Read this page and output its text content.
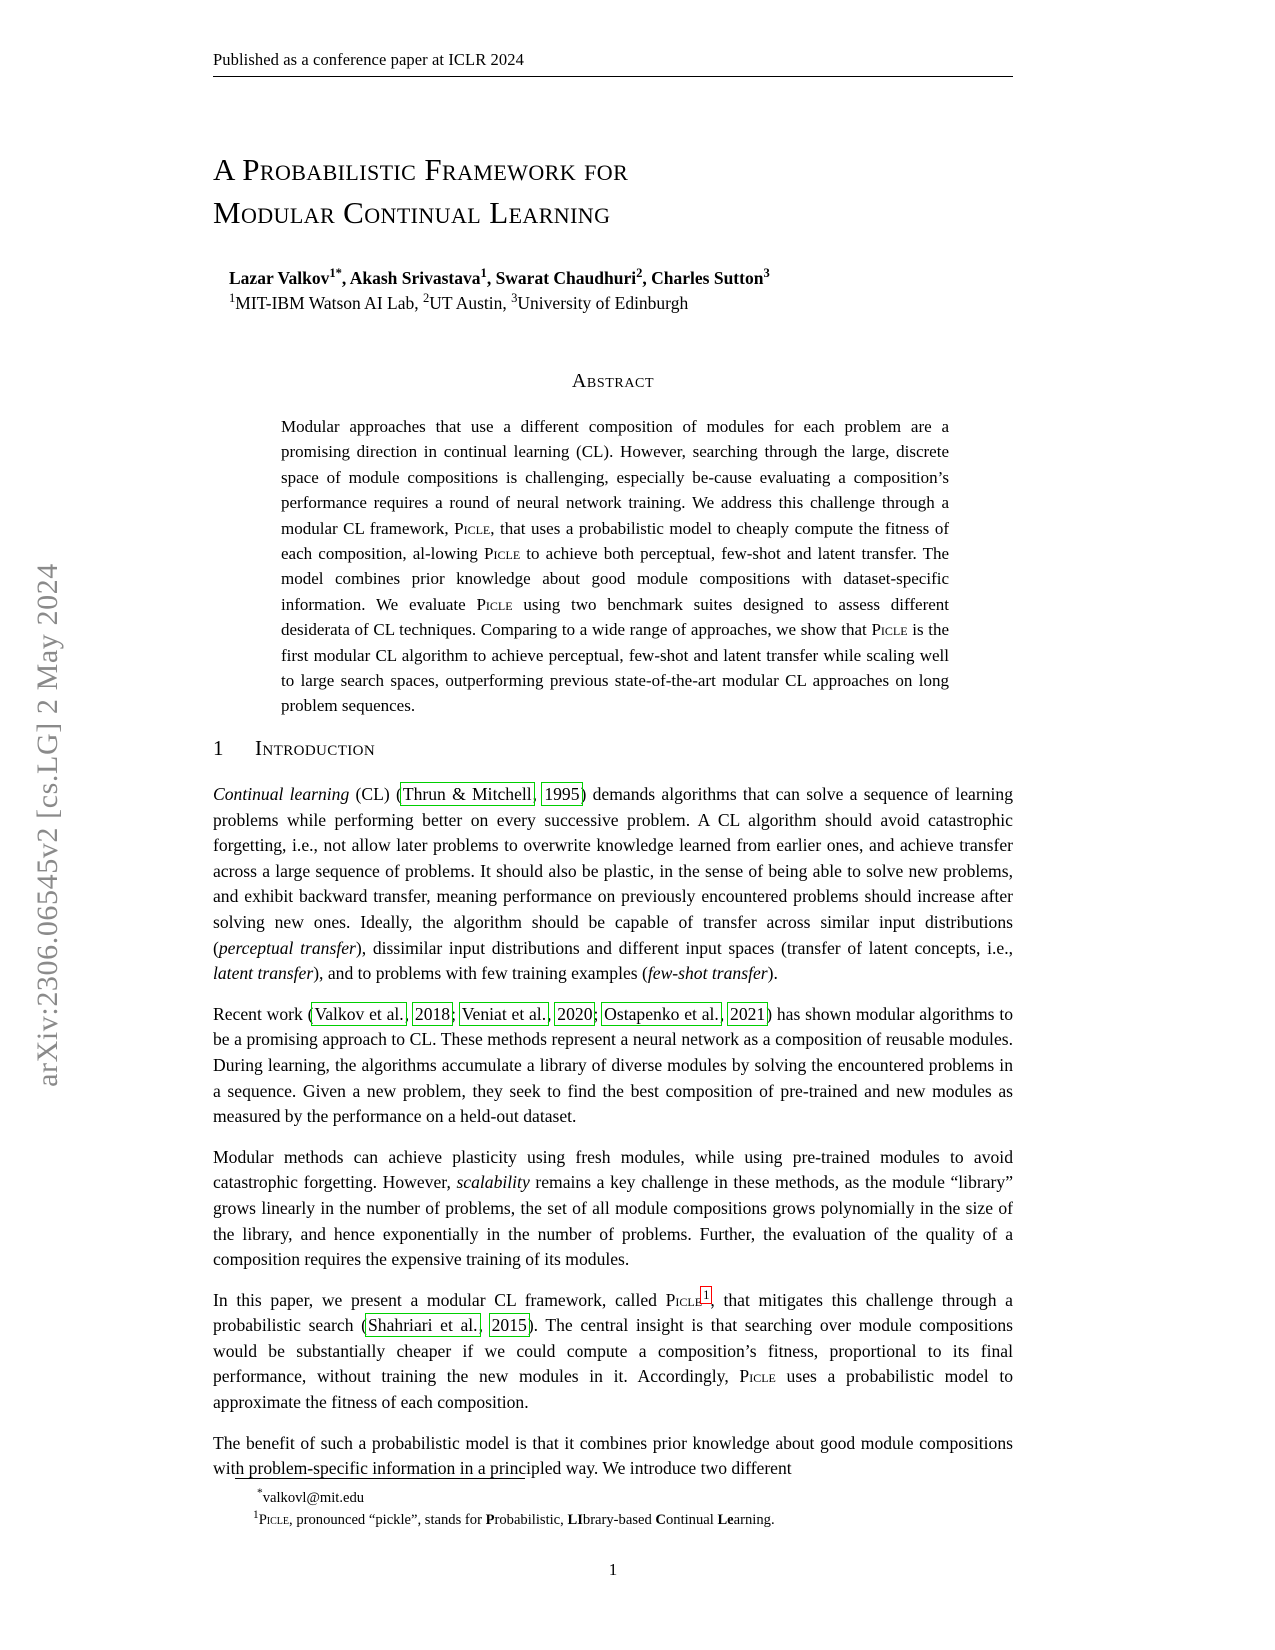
arXiv:2306.06545v2 [cs.LG] 2 May 2024
Published as a conference paper at ICLR 2024
A Probabilistic Framework for
Modular Continual Learning
Lazar Valkov$^{1*}$, Akash Srivastava$^1$, Swarat Chaudhuri$^2$, Charles Sutton$^3$
$^1$MIT-IBM Watson AI Lab, $^2$UT Austin, $^3$University of Edinburgh
Abstract
Modular approaches that use a different composition of modules for each problem are a promising direction in continual learning (CL). However, searching through the large, discrete space of module compositions is challenging, especially be-cause evaluating a composition’s performance requires a round of neural network training. We address this challenge through a modular CL framework, Picle, that uses a probabilistic model to cheaply compute the fitness of each composition, al-lowing Picle to achieve both perceptual, few-shot and latent transfer. The model combines prior knowledge about good module compositions with dataset-specific information. We evaluate Picle using two benchmark suites designed to assess different desiderata of CL techniques. Comparing to a wide range of approaches, we show that Picle is the first modular CL algorithm to achieve perceptual, few-shot and latent transfer while scaling well to large search spaces, outperforming previous state-of-the-art modular CL approaches on long problem sequences.
1 Introduction

Continual learning (CL) (Thrun & Mitchell, 1995) demands algorithms that can solve a sequence of learning problems while performing better on every successive problem. A CL algorithm should avoid catastrophic forgetting, i.e., not allow later problems to overwrite knowledge learned from earlier ones, and achieve transfer across a large sequence of problems. It should also be plastic, in the sense of being able to solve new problems, and exhibit backward transfer, meaning performance on previously encountered problems should increase after solving new ones. Ideally, the algorithm should be capable of transfer across similar input distributions (perceptual transfer), dissimilar input distributions and different input spaces (transfer of latent concepts, i.e., latent transfer), and to problems with few training examples (few-shot transfer).

Recent work (Valkov et al., 2018; Veniat et al., 2020; Ostapenko et al., 2021) has shown modular algorithms to be a promising approach to CL. These methods represent a neural network as a composition of reusable modules. During learning, the algorithms accumulate a library of diverse modules by solving the encountered problems in a sequence. Given a new problem, they seek to find the best composition of pre-trained and new modules as measured by the performance on a held-out dataset.

Modular methods can achieve plasticity using fresh modules, while using pre-trained modules to avoid catastrophic forgetting. However, scalability remains a key challenge in these methods, as the module “library” grows linearly in the number of problems, the set of all module compositions grows polynomially in the size of the library, and hence exponentially in the number of problems. Further, the evaluation of the quality of a composition requires the expensive training of its modules.

In this paper, we present a modular CL framework, called Picle$^1$, that mitigates this challenge through a probabilistic search (Shahriari et al., 2015). The central insight is that searching over module compositions would be substantially cheaper if we could compute a composition’s fitness, proportional to its final performance, without training the new modules in it. Accordingly, Picle uses a probabilistic model to approximate the fitness of each composition.

The benefit of such a probabilistic model is that it combines prior knowledge about good module compositions with problem-specific information in a principled way. We introduce two different

*valkovl@mit.edu
$^1$Picle, pronounced “pickle”, stands for Probabilistic, LIbrary-based Continual Learning.
1
